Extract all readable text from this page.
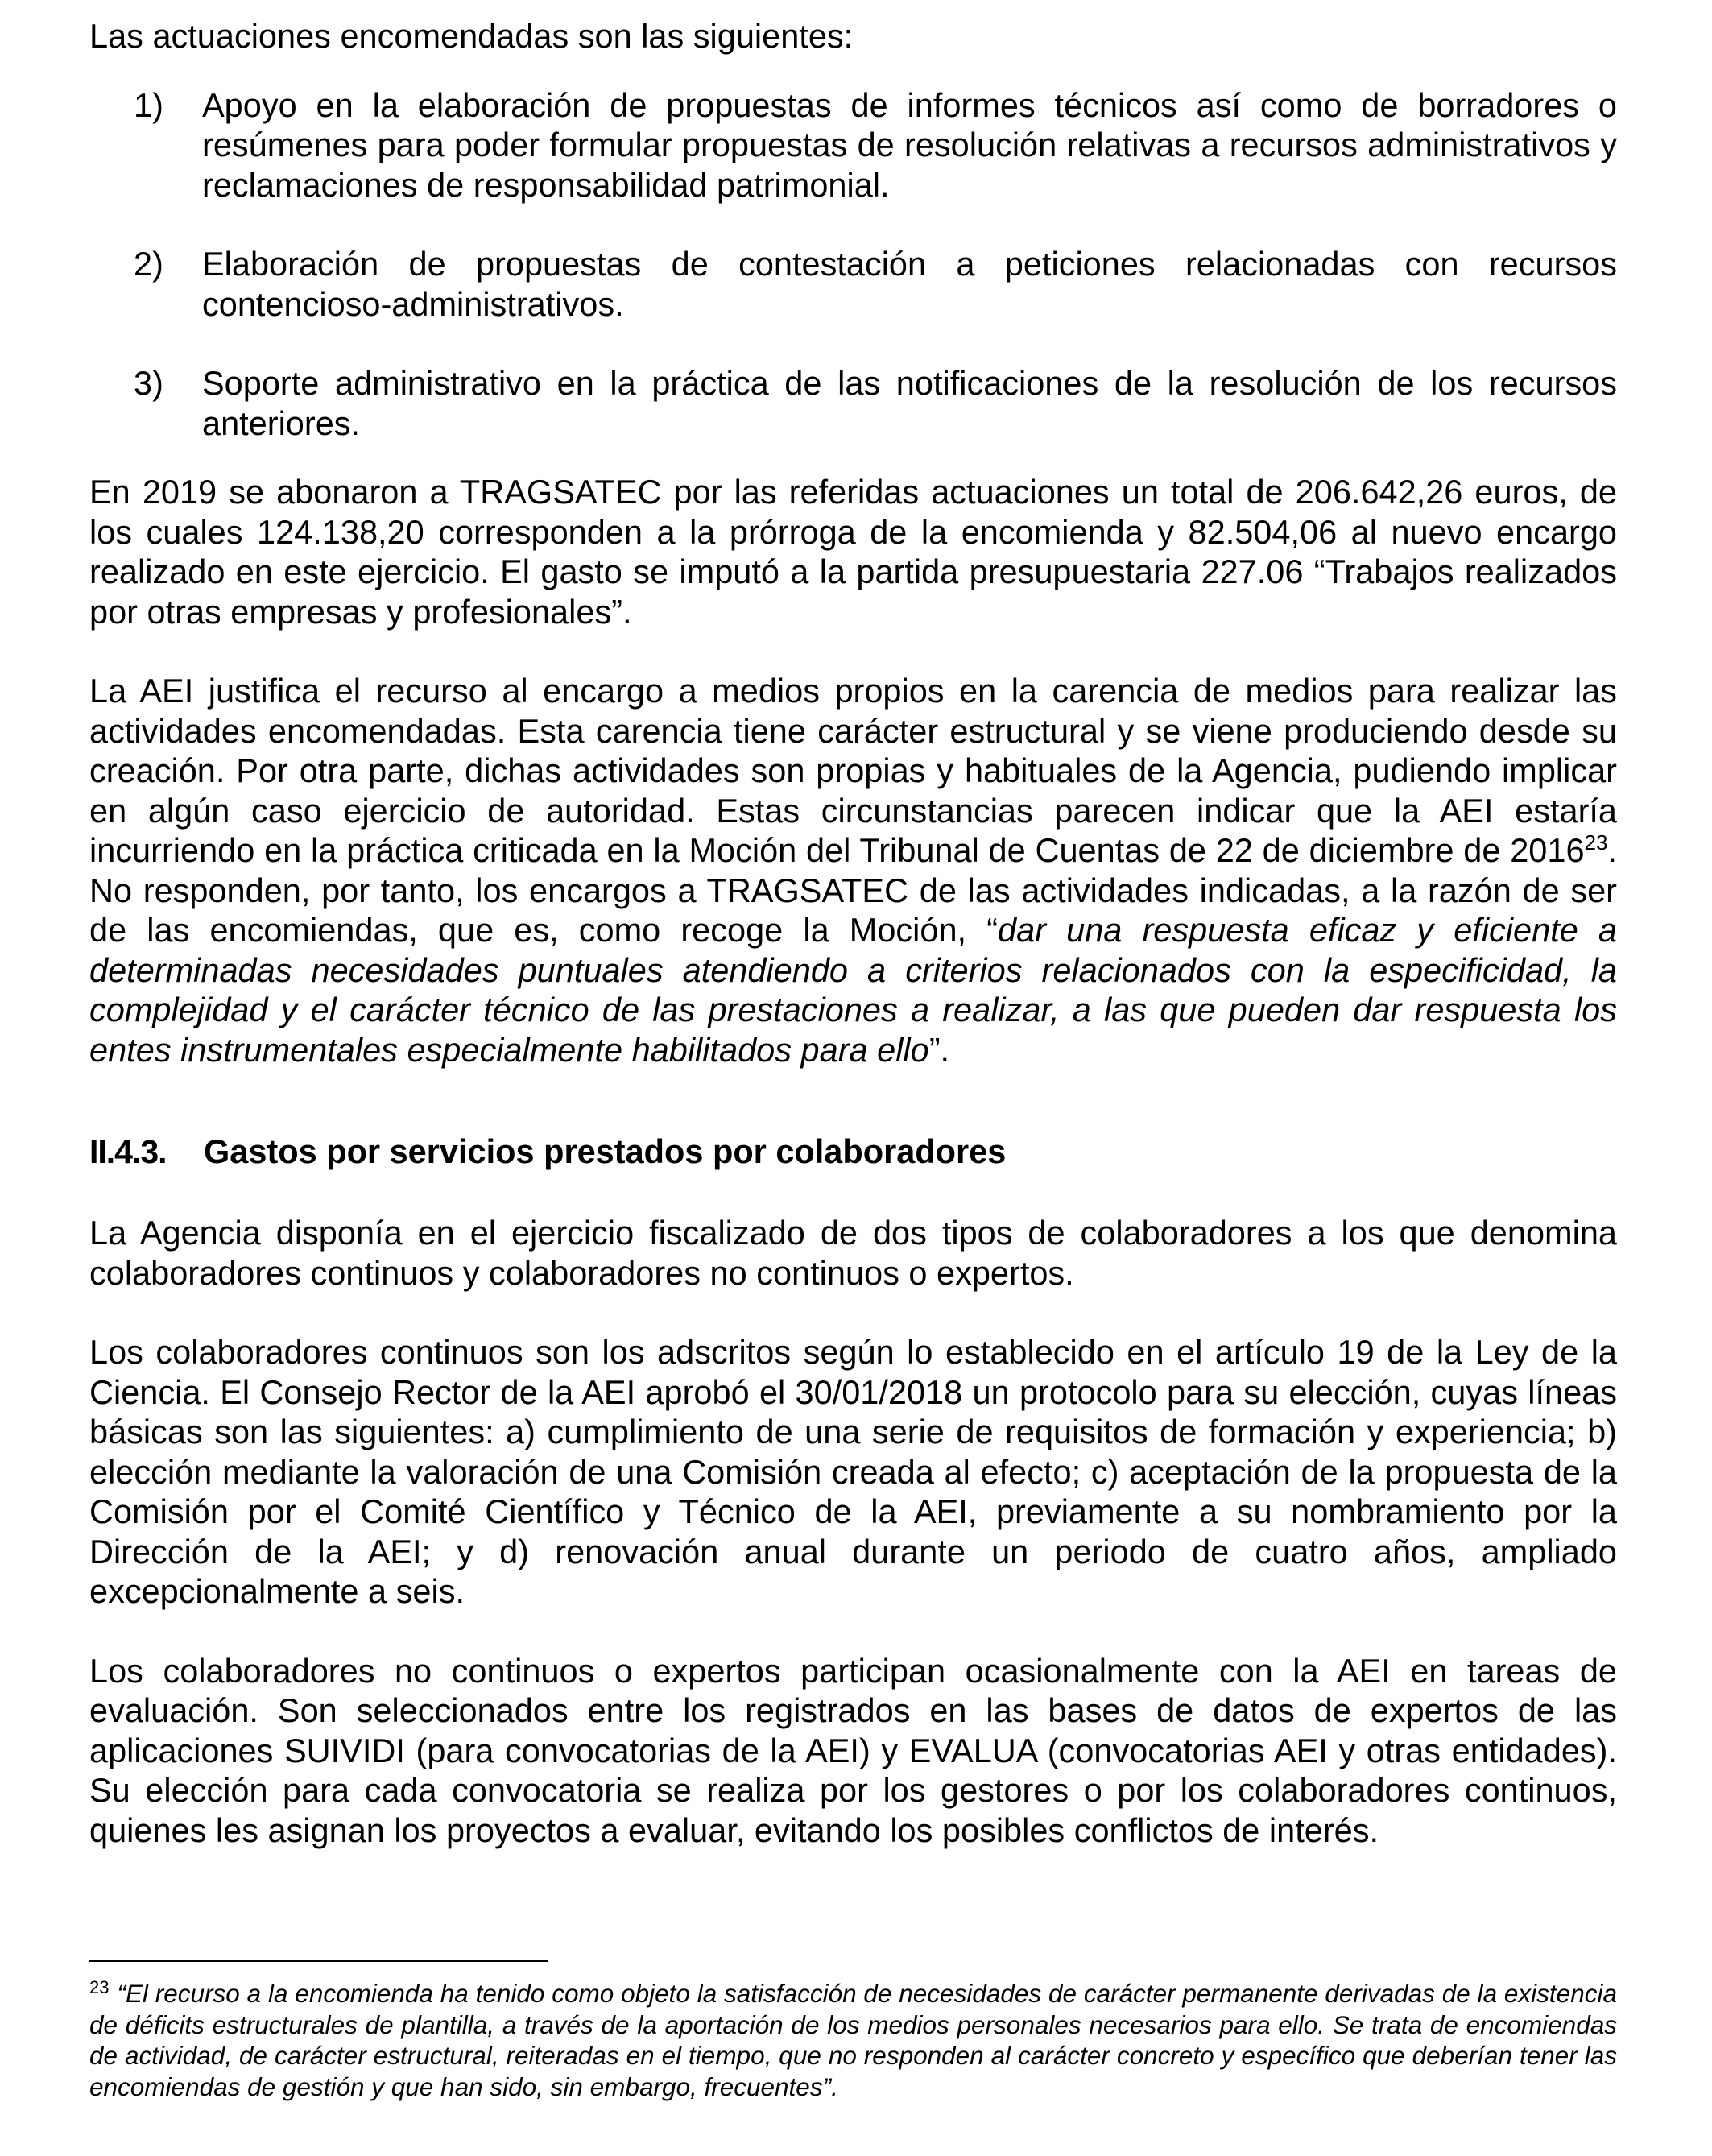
Las actuaciones encomendadas son las siguientes:

1) Apoyo en la elaboración de propuestas de informes técnicos así como de borradores o resúmenes para poder formular propuestas de resolución relativas a recursos administrativos y reclamaciones de responsabilidad patrimonial.

2) Elaboración de propuestas de contestación a peticiones relacionadas con recursos contencioso-administrativos.

3) Soporte administrativo en la práctica de las notificaciones de la resolución de los recursos anteriores.

En 2019 se abonaron a TRAGSATEC por las referidas actuaciones un total de 206.642,26 euros, de los cuales 124.138,20 corresponden a la prórroga de la encomienda y 82.504,06 al nuevo encargo realizado en este ejercicio. El gasto se imputó a la partida presupuestaria 227.06 “Trabajos realizados por otras empresas y profesionales”.

La AEI justifica el recurso al encargo a medios propios en la carencia de medios para realizar las actividades encomendadas. Esta carencia tiene carácter estructural y se viene produciendo desde su creación. Por otra parte, dichas actividades son propias y habituales de la Agencia, pudiendo implicar en algún caso ejercicio de autoridad. Estas circunstancias parecen indicar que la AEI estaría incurriendo en la práctica criticada en la Moción del Tribunal de Cuentas de 22 de diciembre de 2016$^{23}$. No responden, por tanto, los encargos a TRAGSATEC de las actividades indicadas, a la razón de ser de las encomiendas, que es, como recoge la Moción, “dar una respuesta eficaz y eficiente a determinadas necesidades puntuales atendiendo a criterios relacionados con la especificidad, la complejidad y el carácter técnico de las prestaciones a realizar, a las que pueden dar respuesta los entes instrumentales especialmente habilitados para ello”.

II.4.3.	Gastos por servicios prestados por colaboradores

La Agencia disponía en el ejercicio fiscalizado de dos tipos de colaboradores a los que denomina colaboradores continuos y colaboradores no continuos o expertos.

Los colaboradores continuos son los adscritos según lo establecido en el artículo 19 de la Ley de la Ciencia. El Consejo Rector de la AEI aprobó el 30/01/2018 un protocolo para su elección, cuyas líneas básicas son las siguientes: a) cumplimiento de una serie de requisitos de formación y experiencia; b) elección mediante la valoración de una Comisión creada al efecto; c) aceptación de la propuesta de la Comisión por el Comité Científico y Técnico de la AEI, previamente a su nombramiento por la Dirección de la AEI; y d) renovación anual durante un periodo de cuatro años, ampliado excepcionalmente a seis.

Los colaboradores no continuos o expertos participan ocasionalmente con la AEI en tareas de evaluación. Son seleccionados entre los registrados en las bases de datos de expertos de las aplicaciones SUIVIDI (para convocatorias de la AEI) y EVALUA (convocatorias AEI y otras entidades). Su elección para cada convocatoria se realiza por los gestores o por los colaboradores continuos, quienes les asignan los proyectos a evaluar, evitando los posibles conflictos de interés.

$^{23}$ “El recurso a la encomienda ha tenido como objeto la satisfacción de necesidades de carácter permanente derivadas de la existencia de déficits estructurales de plantilla, a través de la aportación de los medios personales necesarios para ello. Se trata de encomiendas de actividad, de carácter estructural, reiteradas en el tiempo, que no responden al carácter concreto y específico que deberían tener las encomiendas de gestión y que han sido, sin embargo, frecuentes”.
